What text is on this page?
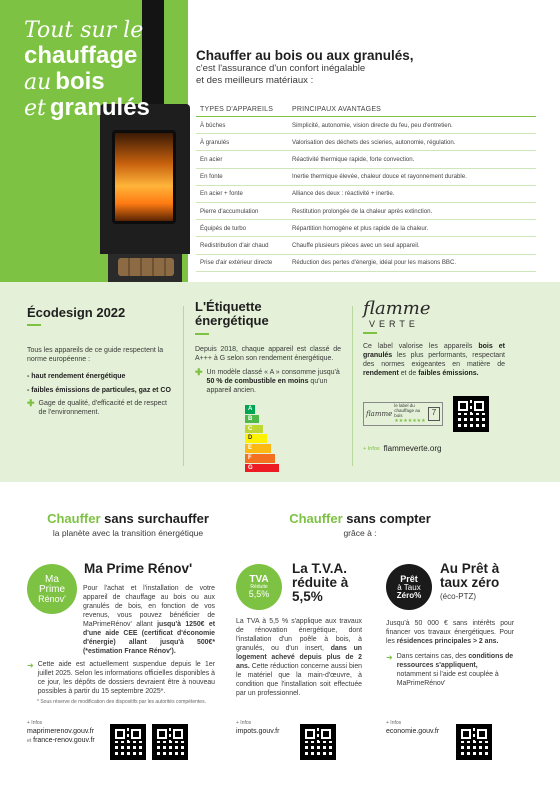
Tout sur le
chauffage
au bois
et granulés
Chauffer au bois ou aux granulés,

c'est l'assurance d'un confort inégalable

et des meilleurs matériaux :

TYPES D'APPAREILS	PRINCIPAUX AVANTAGES
À bûches	Simplicité, autonomie, vision directe du feu, peu d'entretien.
À granulés	Valorisation des déchets des scieries, autonomie, régulation.
En acier	Réactivité thermique rapide, forte convection.
En fonte	Inertie thermique élevée, chaleur douce et rayonnement durable.
En acier + fonte	Alliance des deux : réactivité + inertie.
Pierre d'accumulation	Restitution prolongée de la chaleur après extinction.
Équipés de turbo	Répartition homogène et plus rapide de la chaleur.
Redistribution d'air chaud	Chauffe plusieurs pièces avec un seul appareil.
Prise d'air extérieur directe	Réduction des pertes d'énergie, idéal pour les maisons BBC.
Écodesign 2022

Tous les appareils de ce guide respectent la norme européenne :

- haut rendement énergétique
- faibles émissions de particules, gaz et CO
✚ Gage de qualité, d'efficacité et de respect de l'environnement.

L'Étiquette
énergétique

Depuis 2018, chaque appareil est classé de A+++ à G selon son rendement énergétique.

✚ Un modèle classé « A » consomme jusqu'à 50 % de combustible en moins qu'un appareil ancien.

A
B
C
D
E
F
G
flamme
VERTE

Ce label valorise les appareils bois et granulés les plus performants, respectant des normes exigeantes en matière de rendement et de faibles émissions.

flamme
le label du chauffage au bois
★★★★★★★
7
+ Infos flammeverte.org
Chauffer sans surchauffer

la planète avec la transition énergétique

Chauffer sans compter

grâce à :

Ma
Prime
Rénov'
Ma Prime Rénov'

Pour l'achat et l'installation de votre appareil de chauffage au bois ou aux granulés de bois, en fonction de vos revenus, vous pouvez bénéficier de MaPrimeRénov' allant jusqu'à 1250€ et d'une aide CEE (certificat d'économie d'énergie) allant jusqu'à 500€* (*estimation France Rénov').

➜ Cette aide est actuellement suspendue depuis le 1er juillet 2025. Selon les informations officielles disponibles à ce jour, les dépôts de dossiers devraient être à nouveau possibles à partir du 15 septembre 2025*.

* Sous réserve de modification des dispositifs par les autorités compétentes.

+ Infos

maprimerenov.gouv.fr

et france-renov.gouv.fr

TVA
Réduite
5,5%
La T.V.A.
réduite à
5,5%

La TVA à 5,5 % s'applique aux travaux de rénovation énergétique, dont l'installation d'un poêle à bois, à granulés, ou d'un insert, dans un logement achevé depuis plus de 2 ans. Cette réduction concerne aussi bien le matériel que la main-d'œuvre, à condition que l'installation soit effectuée par un professionnel.

+ Infos

impots.gouv.fr

Prêt
à Taux
Zéro%
Au Prêt à
taux zéro

(éco-PTZ)

Jusqu'à 50 000 € sans intérêts pour financer vos travaux énergétiques. Pour les résidences principales > 2 ans.

➜ Dans certains cas, des conditions de ressources s'appliquent, notamment si l'aide est couplée à MaPrimeRénov'

+ Infos

economie.gouv.fr
